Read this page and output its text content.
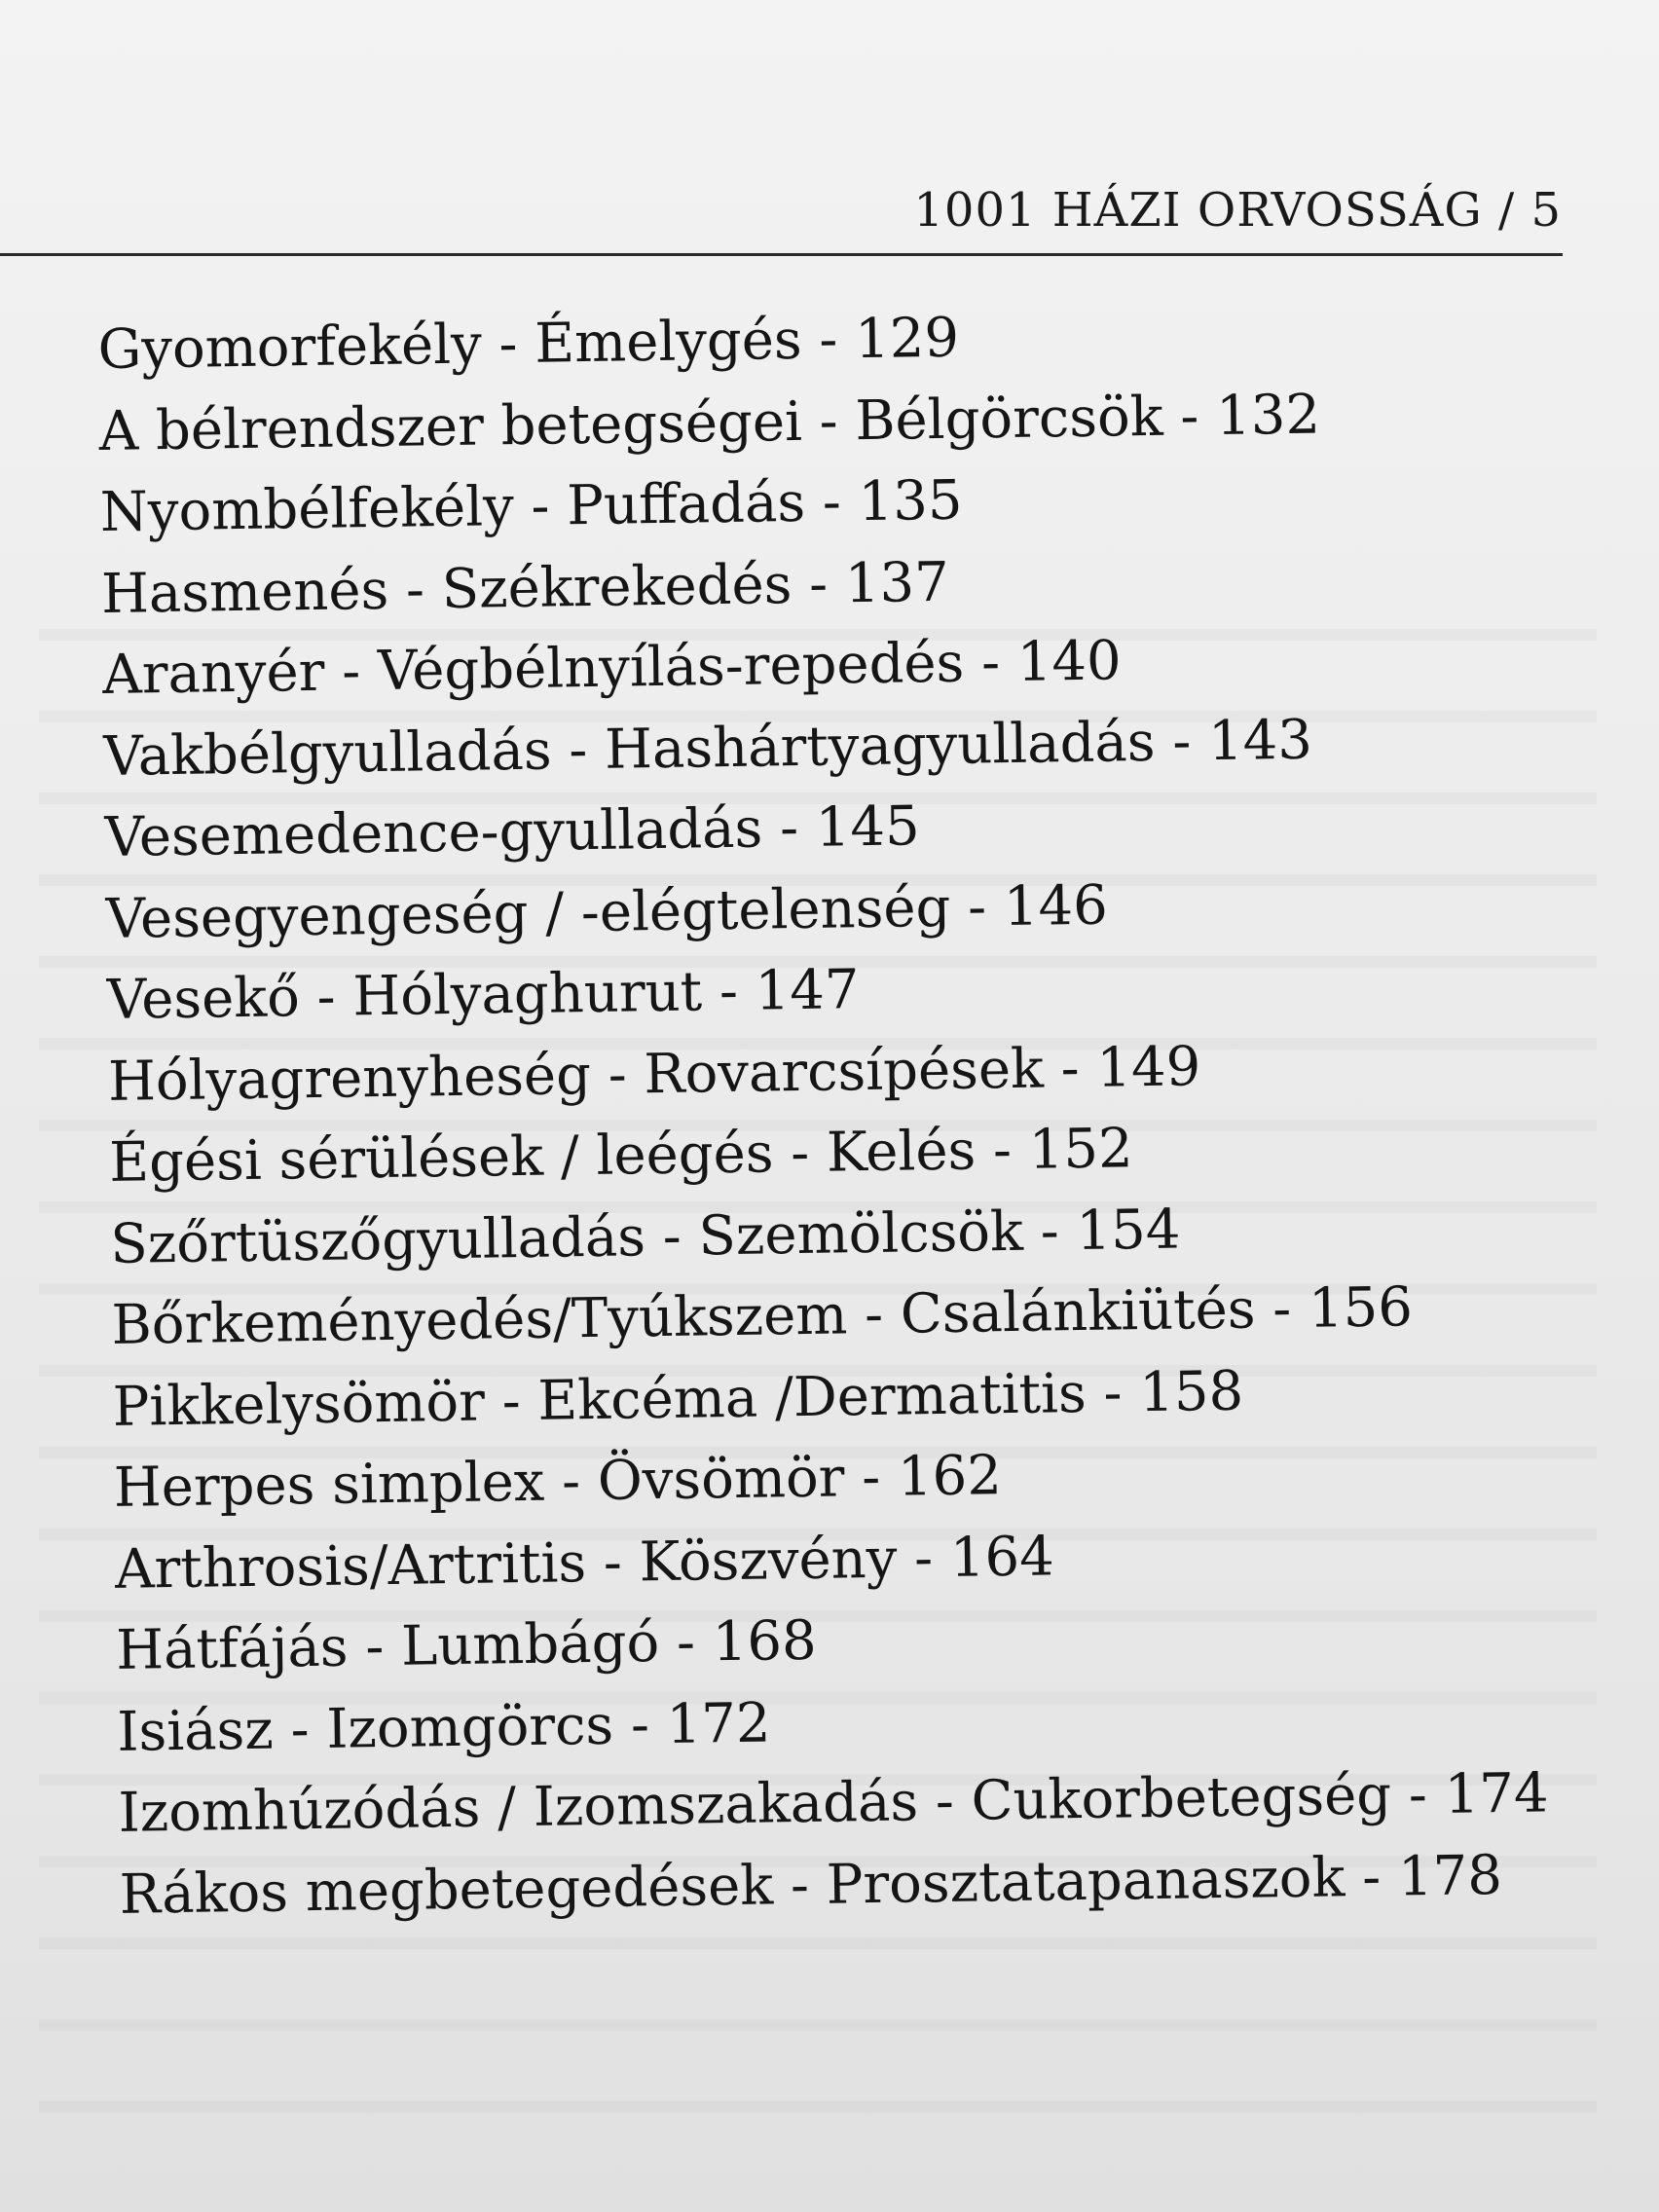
1001 HÁZI ORVOSSÁG / 5
Gyomorfekély - Émelygés - 129
A bélrendszer betegségei - Bélgörcsök - 132
Nyombélfekély - Puffadás - 135
Hasmenés - Székrekedés - 137
Aranyér - Végbélnyílás-repedés - 140
Vakbélgyulladás - Hashártyagyulladás - 143
Vesemedence-gyulladás - 145
Vesegyengeség / -elégtelenség - 146
Vesekő - Hólyaghurut - 147
Hólyagrenyheség - Rovarcsípések - 149
Égési sérülések / leégés - Kelés - 152
Szőrtüszőgyulladás - Szemölcsök - 154
Bőrkeményedés/Tyúkszem - Csalánkiütés - 156
Pikkelysömör - Ekcéma /Dermatitis - 158
Herpes simplex - Övsömör - 162
Arthrosis/Artritis - Köszvény - 164
Hátfájás - Lumbágó - 168
Isiász - Izomgörcs - 172
Izomhúzódás / Izomszakadás - Cukorbetegség - 174
Rákos megbetegedések - Prosztatapanaszok - 178
